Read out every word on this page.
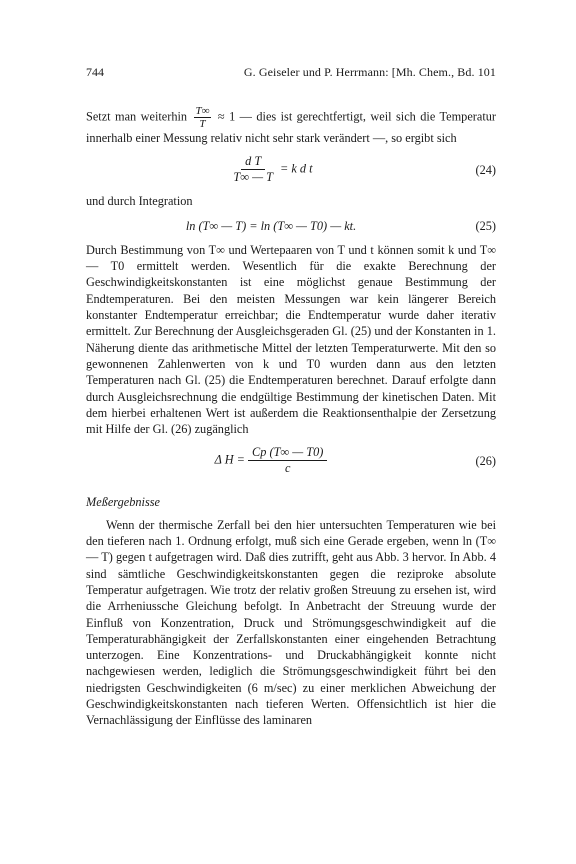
744	G. Geiseler und P. Herrmann: [Mh. Chem., Bd. 101

Setzt man weiterhin $\frac{T\infty}{T} \approx 1$ — dies ist gerechtfertigt, weil sich die Temperatur innerhalb einer Messung relativ nicht sehr stark verändert —, so ergibt sich

$\frac{\text{d T}}{T\infty — T} = k$ d t	(24)

und durch Integration

ln (T∞ — T) = ln (T∞ — T0) — kt.	(25)

Durch Bestimmung von T∞ und Wertepaaren von T und t können somit k und T∞ — T0 ermittelt werden. Wesentlich für die exakte Berechnung der Geschwindigkeitskonstanten ist eine möglichst genaue Bestimmung der Endtemperaturen. Bei den meisten Messungen war kein längerer Bereich konstanter Endtemperatur erreichbar; die Endtemperatur wurde daher iterativ ermittelt. Zur Berechnung der Ausgleichsgeraden Gl. (25) und der Konstanten in 1. Näherung diente das arithmetische Mittel der letzten Temperaturwerte. Mit den so gewonnenen Zahlenwerten von k und T0 wurden dann aus den letzten Temperaturen nach Gl. (25) die Endtemperaturen berechnet. Darauf erfolgte dann durch Ausgleichsrechnung die endgültige Bestimmung der kinetischen Daten. Mit dem hierbei erhaltenen Wert ist außerdem die Reaktionsenthalpie der Zersetzung mit Hilfe der Gl. (26) zugänglich

Δ $H = \frac{Cp (T\infty — T0)}{c}$	(26)
Meßergebnisse

Wenn der thermische Zerfall bei den hier untersuchten Temperaturen wie bei den tieferen nach 1. Ordnung erfolgt, muß sich eine Gerade ergeben, wenn ln (T∞ — T) gegen t aufgetragen wird. Daß dies zutrifft, geht aus Abb. 3 hervor. In Abb. 4 sind sämtliche Geschwindigkeitskonstanten gegen die reziproke absolute Temperatur aufgetragen. Wie trotz der relativ großen Streuung zu ersehen ist, wird die Arrheniussche Gleichung befolgt. In Anbetracht der Streuung wurde der Einfluß von Konzentration, Druck und Strömungsgeschwindigkeit auf die Temperaturabhängigkeit der Zerfallskonstanten einer eingehenden Betrachtung unterzogen. Eine Konzentrations- und Druckabhängigkeit konnte nicht nachgewiesen werden, lediglich die Strömungsgeschwindigkeit führt bei den niedrigsten Geschwindigkeiten (6 m/sec) zu einer merklichen Abweichung der Geschwindigkeitskonstanten nach tieferen Werten. Offensichtlich ist hier die Vernachlässigung der Einflüsse des laminaren
